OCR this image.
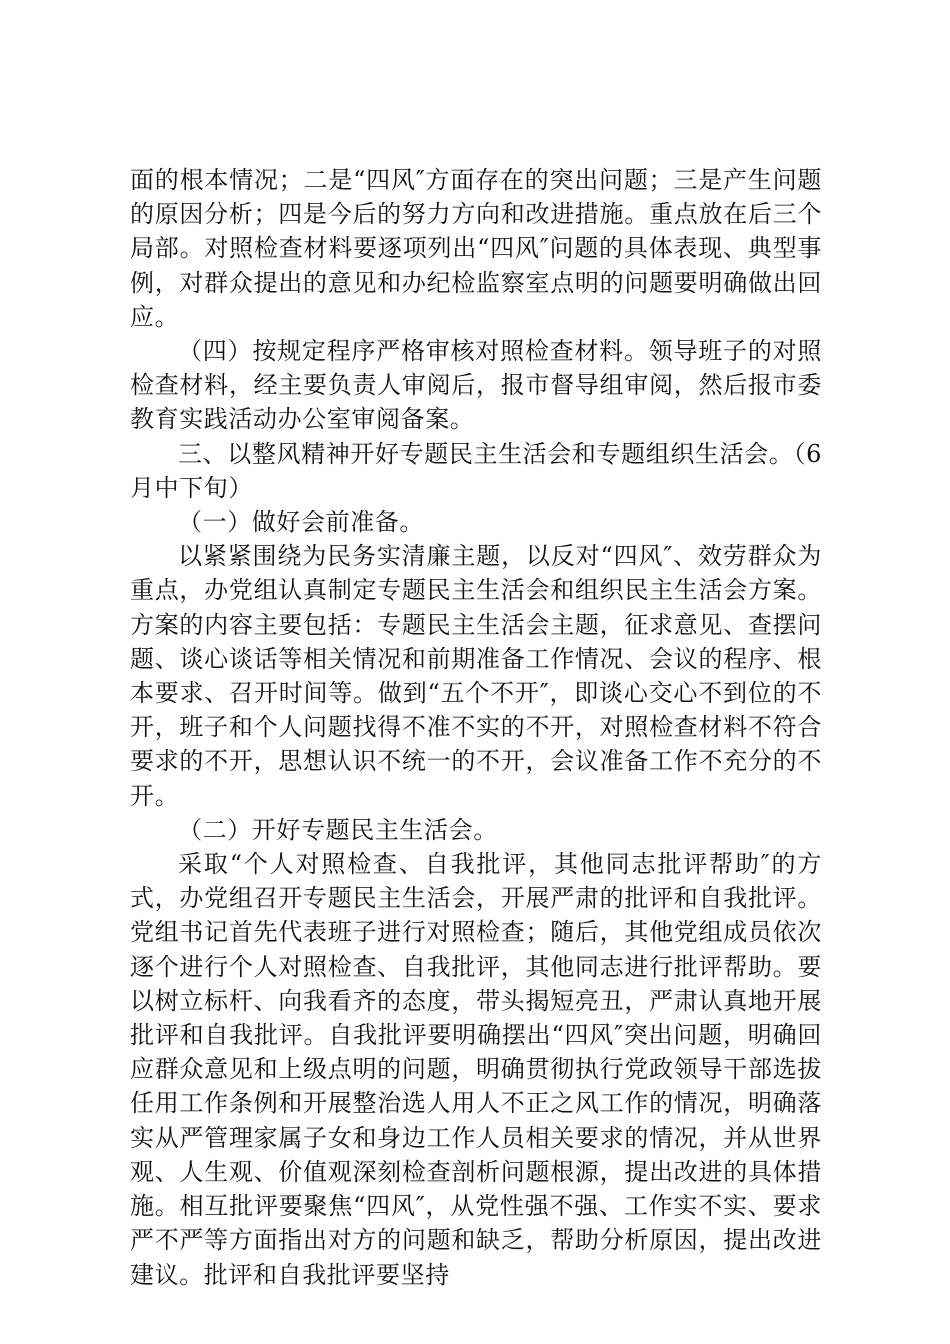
面的根本情况；二是“四风″方面存在的突出问题；三是产生问题的原因分析；四是今后的努力方向和改进措施。重点放在后三个局部。对照检查材料要逐项列出“四风″问题的具体表现、典型事例，对群众提出的意见和办纪检监察室点明的问题要明确做出回应。

（四）按规定程序严格审核对照检查材料。领导班子的对照检查材料，经主要负责人审阅后，报市督导组审阅，然后报市委教育实践活动办公室审阅备案。

三、以整风精神开好专题民主生活会和专题组织生活会。（6月中下旬）

（一）做好会前准备。

以紧紧围绕为民务实清廉主题，以反对“四风″、效劳群众为重点，办党组认真制定专题民主生活会和组织民主生活会方案。方案的内容主要包括：专题民主生活会主题，征求意见、查摆问题、谈心谈话等相关情况和前期准备工作情况、会议的程序、根本要求、召开时间等。做到“五个不开″，即谈心交心不到位的不开，班子和个人问题找得不准不实的不开，对照检查材料不符合要求的不开，思想认识不统一的不开，会议准备工作不充分的不开。

（二）开好专题民主生活会。

采取“个人对照检查、自我批评，其他同志批评帮助″的方式，办党组召开专题民主生活会，开展严肃的批评和自我批评。党组书记首先代表班子进行对照检查；随后，其他党组成员依次逐个进行个人对照检查、自我批评，其他同志进行批评帮助。要以树立标杆、向我看齐的态度，带头揭短亮丑，严肃认真地开展批评和自我批评。自我批评要明确摆出“四风″突出问题，明确回应群众意见和上级点明的问题，明确贯彻执行党政领导干部选拔任用工作条例和开展整治选人用人不正之风工作的情况，明确落实从严管理家属子女和身边工作人员相关要求的情况，并从世界观、人生观、价值观深刻检查剖析问题根源，提出改进的具体措施。相互批评要聚焦“四风″，从党性强不强、工作实不实、要求严不严等方面指出对方的问题和缺乏，帮助分析原因，提出改进建议。批评和自我批评要坚持
